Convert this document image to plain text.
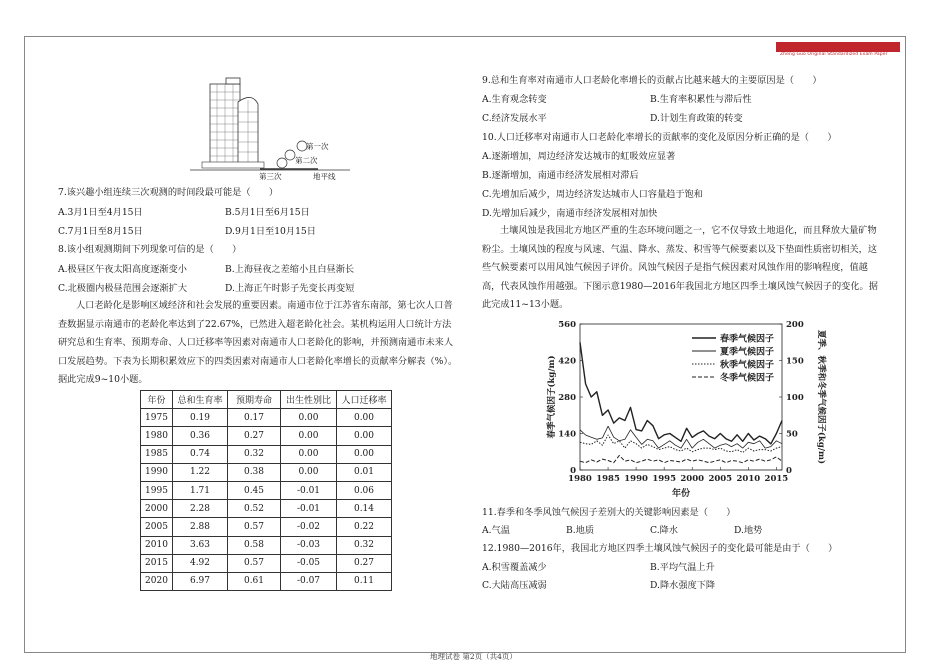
Zheng Guo Original Standardized Exam Paper
第一次
第二次
第三次	地平线
7.该兴趣小组连续三次观测的时间段最可能是（　　）
A.3月1日至4月15日	B.5月1日至6月15日
C.7月1日至8月15日	D.9月1日至10月15日
8.该小组观测期间下列现象可信的是（　　）
A.极昼区午夜太阳高度逐渐变小	B.上海昼夜之差缩小且白昼渐长
C.北极圈内极昼范围会逐渐扩大	D.上海正午时影子先变长再变短
人口老龄化是影响区域经济和社会发展的重要因素。南通市位于江苏省东南部，第七次人口普
查数据显示南通市的老龄化率达到了22.67%，已然进入超老龄化社会。某机构运用人口统计方法
研究总和生育率、预期寿命、人口迁移率等因素对南通市人口老龄化的影响，并预测南通市未来人
口发展趋势。下表为长期积累效应下的四类因素对南通市人口老龄化率增长的贡献率分解表（%）。
据此完成9~10小题。
年份	总和生育率	预期寿命	出生性别比	人口迁移率
1975	0.19	0.17	0.00	0.00
1980	0.36	0.27	0.00	0.00
1985	0.74	0.32	0.00	0.00
1990	1.22	0.38	0.00	0.01
1995	1.71	0.45	-0.01	0.06
2000	2.28	0.52	-0.01	0.14
2005	2.88	0.57	-0.02	0.22
2010	3.63	0.58	-0.03	0.32
2015	4.92	0.57	-0.05	0.27
2020	6.97	0.61	-0.07	0.11
9.总和生育率对南通市人口老龄化率增长的贡献占比越来越大的主要原因是（　　）
A.生育观念转变	B.生育率积累性与滞后性
C.经济发展水平	D.计划生育政策的转变
10.人口迁移率对南通市人口老龄化率增长的贡献率的变化及原因分析正确的是（　　）
A.逐渐增加，周边经济发达城市的虹吸效应显著
B.逐渐增加，南通市经济发展相对滞后
C.先增加后减少，周边经济发达城市人口容量趋于饱和
D.先增加后减少，南通市经济发展相对加快
土壤风蚀是我国北方地区严重的生态环境问题之一，它不仅导致土地退化，而且释放大量矿物
粉尘。土壤风蚀的程度与风速、气温、降水、蒸发、积雪等气候要素以及下垫面性质密切相关，这
些气候要素可以用风蚀气候因子评价。风蚀气候因子是指气候因素对风蚀作用的影响程度，值越
高，代表风蚀作用越强。下图示意1980—2016年我国北方地区四季土壤风蚀气候因子的变化。据
此完成11~13小题。
1980 1985 1990 1995 2000 2005 2010 2015
0
140
280
420
560
0
50
100
150
200
年份
春季气候因子(kg/m)	夏季、秋季和冬季气候因子(kg/m)
春季气候因子
夏季气候因子
秋季气候因子
冬季气候因子
11.春季和冬季风蚀气候因子差别大的关键影响因素是（　　）
A.气温	B.地质	C.降水	D.地势
12.1980—2016年，我国北方地区四季土壤风蚀气候因子的变化最可能是由于（　　）
A.积雪覆盖减少	B.平均气温上升
C.大陆高压减弱	D.降水强度下降
地理试卷 第2页（共4页）
